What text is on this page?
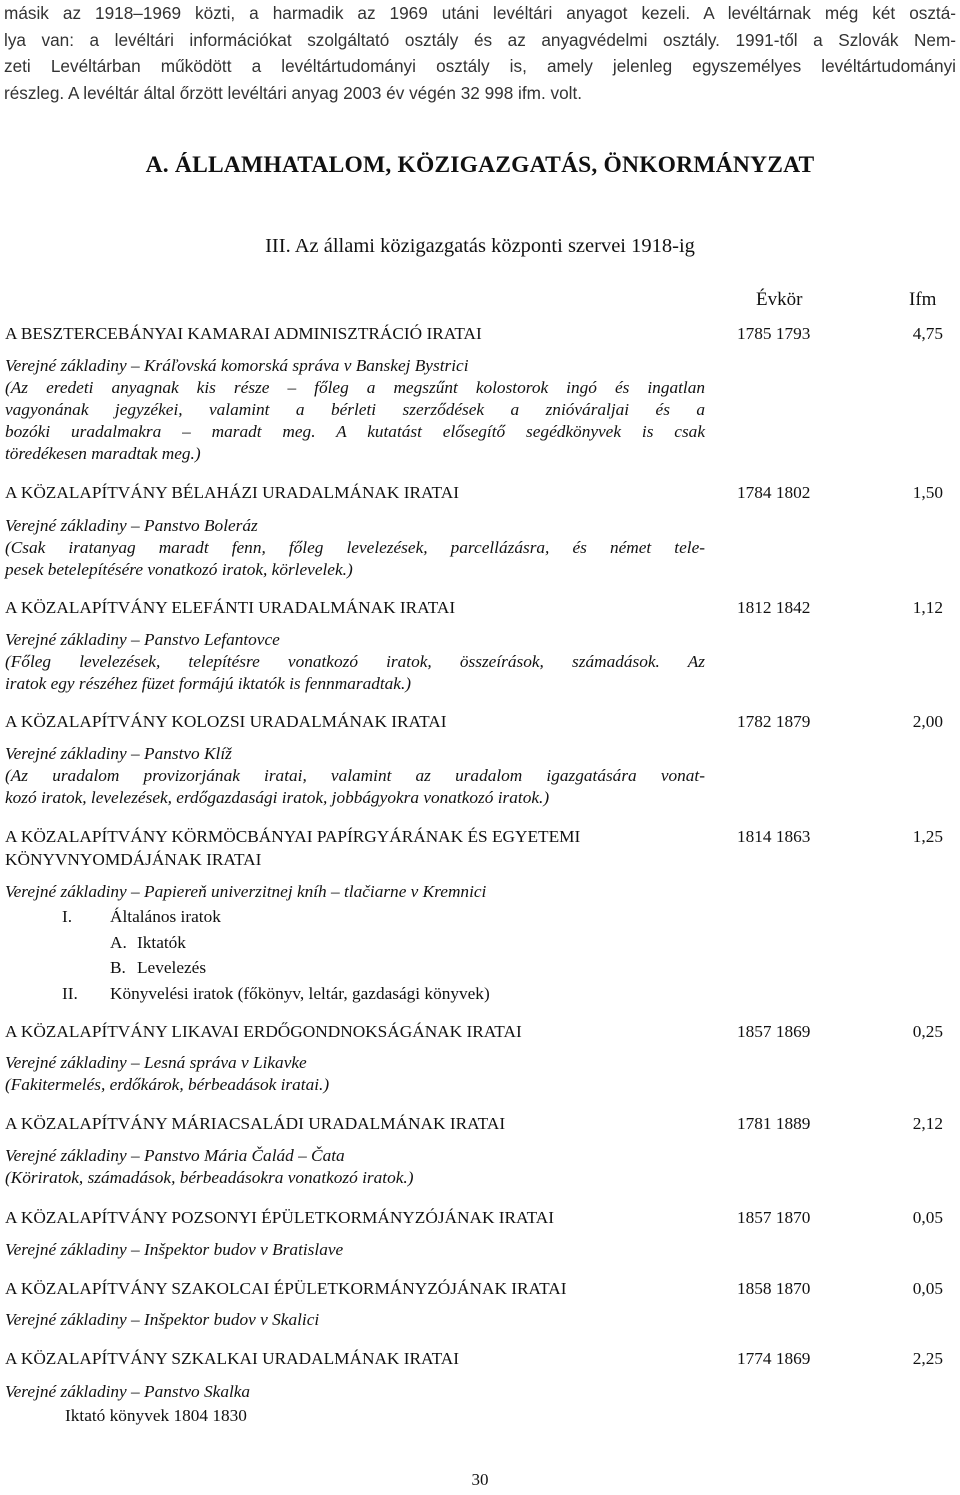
másik az 1918–1969 közti, a harmadik az 1969 utáni levéltári anyagot kezeli. A levéltárnak még két osztá-
lya van: a levéltári információkat szolgáltató osztály és az anyagvédelmi osztály. 1991-től a Szlovák Nem-
zeti Levéltárban működött a levéltártudományi osztály is, amely jelenleg egyszemélyes levéltártudományi
részleg. A levéltár által őrzött levéltári anyag 2003 év végén 32 998 ifm. volt.
A. ÁLLAMHATALOM, KÖZIGAZGATÁS, ÖNKORMÁNYZAT
III. Az állami közigazgatás központi szervei 1918-ig
Évkör	Ifm
A BESZTERCEBÁNYAI KAMARAI ADMINISZTRÁCIÓ IRATAI	1785 1793	4,75
Verejné základiny – Kráľovská komorská správa v Banskej Bystrici
(Az eredeti anyagnak kis része – főleg a megszűnt kolostorok ingó és ingatlan
vagyonának jegyzékei, valamint a bérleti szerződések a znióváraljai és a
bozóki uradalmakra – maradt meg. A kutatást elősegítő segédkönyvek is csak
töredékesen maradtak meg.)
A KÖZALAPÍTVÁNY BÉLAHÁZI URADALMÁNAK IRATAI	1784 1802	1,50
Verejné základiny – Panstvo Boleráz
(Csak iratanyag maradt fenn, főleg levelezések, parcellázásra, és német tele-
pesek betelepítésére vonatkozó iratok, körlevelek.)
A KÖZALAPÍTVÁNY ELEFÁNTI URADALMÁNAK IRATAI	1812 1842	1,12
Verejné základiny – Panstvo Lefantovce
(Főleg levelezések, telepítésre vonatkozó iratok, összeírások, számadások. Az
iratok egy részéhez füzet formájú iktatók is fennmaradtak.)
A KÖZALAPÍTVÁNY KOLOZSI URADALMÁNAK IRATAI	1782 1879	2,00
Verejné základiny – Panstvo Klíž
(Az uradalom provizorjának iratai, valamint az uradalom igazgatására vonat-
kozó iratok, levelezések, erdőgazdasági iratok, jobbágyokra vonatkozó iratok.)
A KÖZALAPÍTVÁNY KÖRMÖCBÁNYAI PAPÍRGYÁRÁNAK ÉS EGYETEMI
KÖNYVNYOMDÁJÁNAK IRATAI
1814 1863	1,25
Verejné základiny – Papiereň univerzitnej kníh – tlačiarne v Kremnici
I. Általános iratok
A. Iktatók
B. Levelezés
II. Könyvelési iratok (főkönyv, leltár, gazdasági könyvek)
A KÖZALAPÍTVÁNY LIKAVAI ERDŐGONDNOKSÁGÁNAK IRATAI	1857 1869	0,25
Verejné základiny – Lesná správa v Likavke
(Fakitermelés, erdőkárok, bérbeadások iratai.)
A KÖZALAPÍTVÁNY MÁRIACSALÁDI URADALMÁNAK IRATAI	1781 1889	2,12
Verejné základiny – Panstvo Mária Čalád – Čata
(Köriratok, számadások, bérbeadásokra vonatkozó iratok.)
A KÖZALAPÍTVÁNY POZSONYI ÉPÜLETKORMÁNYZÓJÁNAK IRATAI	1857 1870	0,05
Verejné základiny – Inšpektor budov v Bratislave
A KÖZALAPÍTVÁNY SZAKOLCAI ÉPÜLETKORMÁNYZÓJÁNAK IRATAI	1858 1870	0,05
Verejné základiny – Inšpektor budov v Skalici
A KÖZALAPÍTVÁNY SZKALKAI URADALMÁNAK IRATAI	1774 1869	2,25
Verejné základiny – Panstvo Skalka
Iktató könyvek 1804 1830
30
